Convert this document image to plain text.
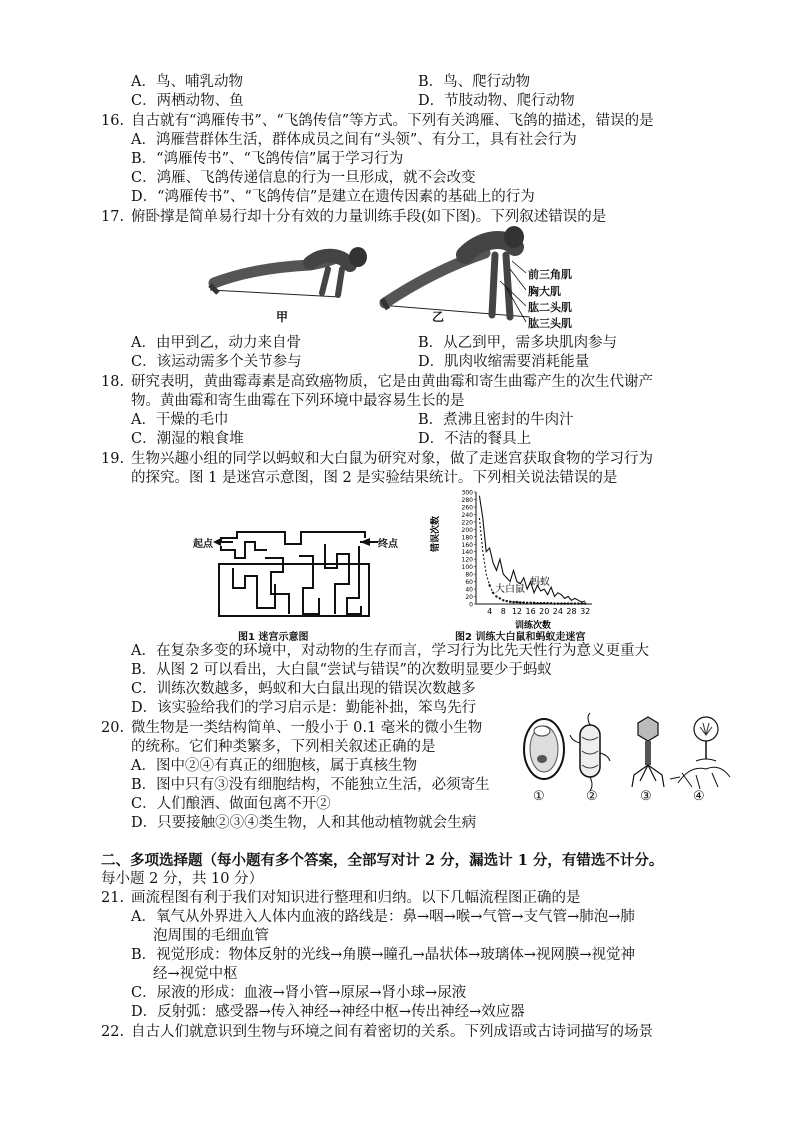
A．鸟、哺乳动物	B．鸟、爬行动物
C．两栖动物、鱼	D．节肢动物、爬行动物
16. 自古就有“鸿雁传书”、“飞鸽传信”等方式。下列有关鸿雁、飞鸽的描述，错误的是
A．鸿雁营群体生活，群体成员之间有“头领”、有分工，具有社会行为
B．“鸿雁传书”、“飞鸽传信”属于学习行为
C．鸿雁、飞鸽传递信息的行为一旦形成，就不会改变
D．“鸿雁传书”、“飞鸽传信”是建立在遗传因素的基础上的行为
17. 俯卧撑是简单易行却十分有效的力量训练手段(如下图)。下列叙述错误的是
甲	乙
前三角肌
胸大肌
肱二头肌
肱三头肌
A．由甲到乙，动力来自骨	B．从乙到甲，需多块肌肉参与
C．该运动需多个关节参与	D．肌肉收缩需要消耗能量
18. 研究表明，黄曲霉毒素是高致癌物质，它是由黄曲霉和寄生曲霉产生的次生代谢产
物。黄曲霉和寄生曲霉在下列环境中最容易生长的是
A．干燥的毛巾	B．煮沸且密封的牛肉汁
C．潮湿的粮食堆	D．不洁的餐具上
19. 生物兴趣小组的同学以蚂蚁和大白鼠为研究对象，做了走迷宫获取食物的学习行为
的探究。图 1 是迷宫示意图，图 2 是实验结果统计。下列相关说法错误的是
起点	终点
图1 迷宫示意图
0
20
40
60
80
100
120
140
160
180
200
220
240
260
280
300
4 8 12 16 20 24 28 32
错误次数
训练次数
蚂蚁
大白鼠
图2 训练大白鼠和蚂蚁走迷宫
A．在复杂多变的环境中，对动物的生存而言，学习行为比先天性行为意义更重大
B．从图 2 可以看出，大白鼠“尝试与错误”的次数明显要少于蚂蚁
C．训练次数越多，蚂蚁和大白鼠出现的错误次数越多
D．该实验给我们的学习启示是：勤能补拙，笨鸟先行
20. 微生物是一类结构简单、一般小于 0.1 毫米的微小生物
的统称。它们种类繁多，下列相关叙述正确的是
A．图中②④有真正的细胞核，属于真核生物
B．图中只有③没有细胞结构，不能独立生活，必须寄生
C．人们酿酒、做面包离不开②
D．只要接触②③④类生物，人和其他动植物就会生病
①	②	③	④
二、多项选择题（每小题有多个答案，全部写对计 2 分，漏选计 1 分，有错选不计分。
每小题 2 分，共 10 分）
21. 画流程图有利于我们对知识进行整理和归纳。以下几幅流程图正确的是
A．氧气从外界进入人体内血液的路线是：鼻→咽→喉→气管→支气管→肺泡→肺
泡周围的毛细血管
B．视觉形成：物体反射的光线→角膜→瞳孔→晶状体→玻璃体→视网膜→视觉神
经→视觉中枢
C．尿液的形成：血液→肾小管→原尿→肾小球→尿液
D．反射弧：感受器→传入神经→神经中枢→传出神经→效应器
22. 自古人们就意识到生物与环境之间有着密切的关系。下列成语或古诗词描写的场景
